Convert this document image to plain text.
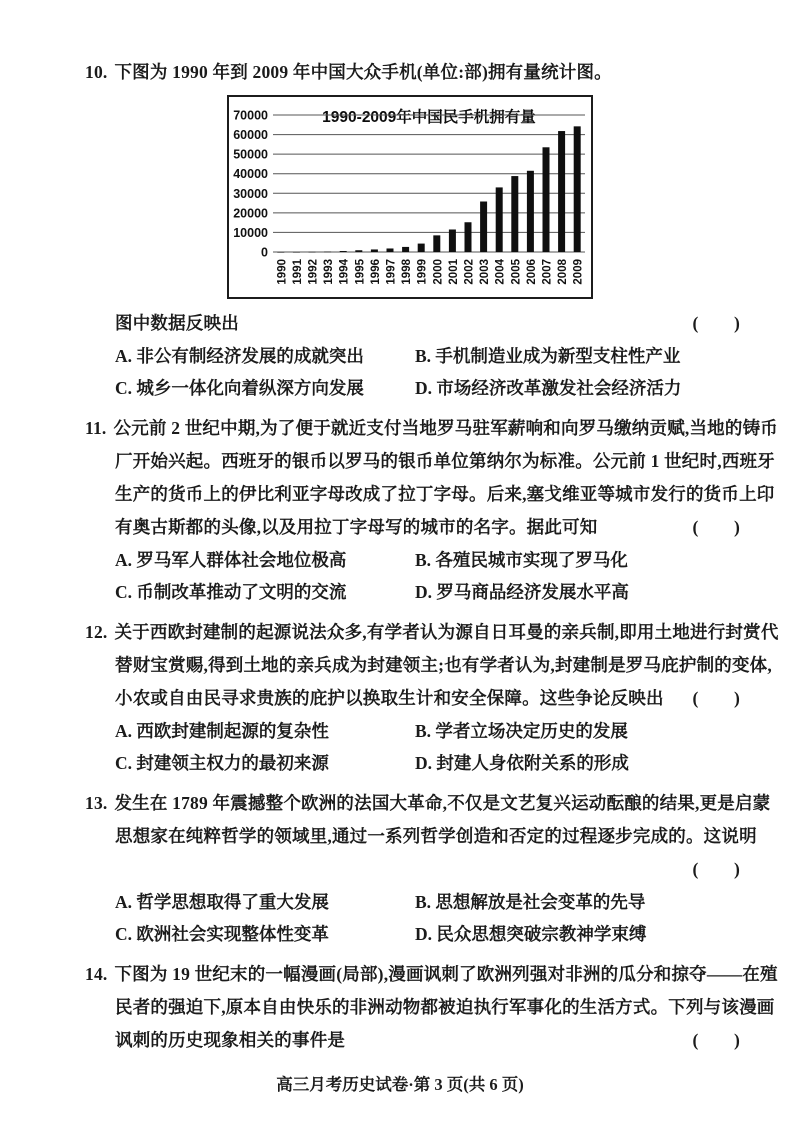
10. 下图为 1990 年到 2009 年中国大众手机(单位:部)拥有量统计图。
0
10000
20000
30000
40000
50000
60000
70000
1990 1991 1992 1993 1994 1995 1996 1997 1998 1999 2000 2001 2002 2003 2004 2005 2006 2007 2008 2009
1990-2009年中国民手机拥有量
图中数据反映出	(　　)
A. 非公有制经济发展的成就突出	B. 手机制造业成为新型支柱性产业
C. 城乡一体化向着纵深方向发展	D. 市场经济改革激发社会经济活力
11. 公元前 2 世纪中期,为了便于就近支付当地罗马驻军薪响和向罗马缴纳贡赋,当地的铸币
厂开始兴起。西班牙的银币以罗马的银币单位第纳尔为标准。公元前 1 世纪时,西班牙
生产的货币上的伊比利亚字母改成了拉丁字母。后来,塞戈维亚等城市发行的货币上印
有奥古斯都的头像,以及用拉丁字母写的城市的名字。据此可知	(　　)
A. 罗马军人群体社会地位极高	B. 各殖民城市实现了罗马化
C. 币制改革推动了文明的交流	D. 罗马商品经济发展水平高
12. 关于西欧封建制的起源说法众多,有学者认为源自日耳曼的亲兵制,即用土地进行封赏代
替财宝赏赐,得到土地的亲兵成为封建领主;也有学者认为,封建制是罗马庇护制的变体,
小农或自由民寻求贵族的庇护以换取生计和安全保障。这些争论反映出 (　　)
A. 西欧封建制起源的复杂性	B. 学者立场决定历史的发展
C. 封建领主权力的最初来源	D. 封建人身依附关系的形成
13. 发生在 1789 年震撼整个欧洲的法国大革命,不仅是文艺复兴运动酝酿的结果,更是启蒙
思想家在纯粹哲学的领域里,通过一系列哲学创造和否定的过程逐步完成的。这说明
(　　)
A. 哲学思想取得了重大发展	B. 思想解放是社会变革的先导
C. 欧洲社会实现整体性变革	D. 民众思想突破宗教神学束缚
14. 下图为 19 世纪末的一幅漫画(局部),漫画讽刺了欧洲列强对非洲的瓜分和掠夺——在殖
民者的强迫下,原本自由快乐的非洲动物都被迫执行军事化的生活方式。下列与该漫画
讽刺的历史现象相关的事件是	(　　)
高三月考历史试卷·第 3 页(共 6 页)
